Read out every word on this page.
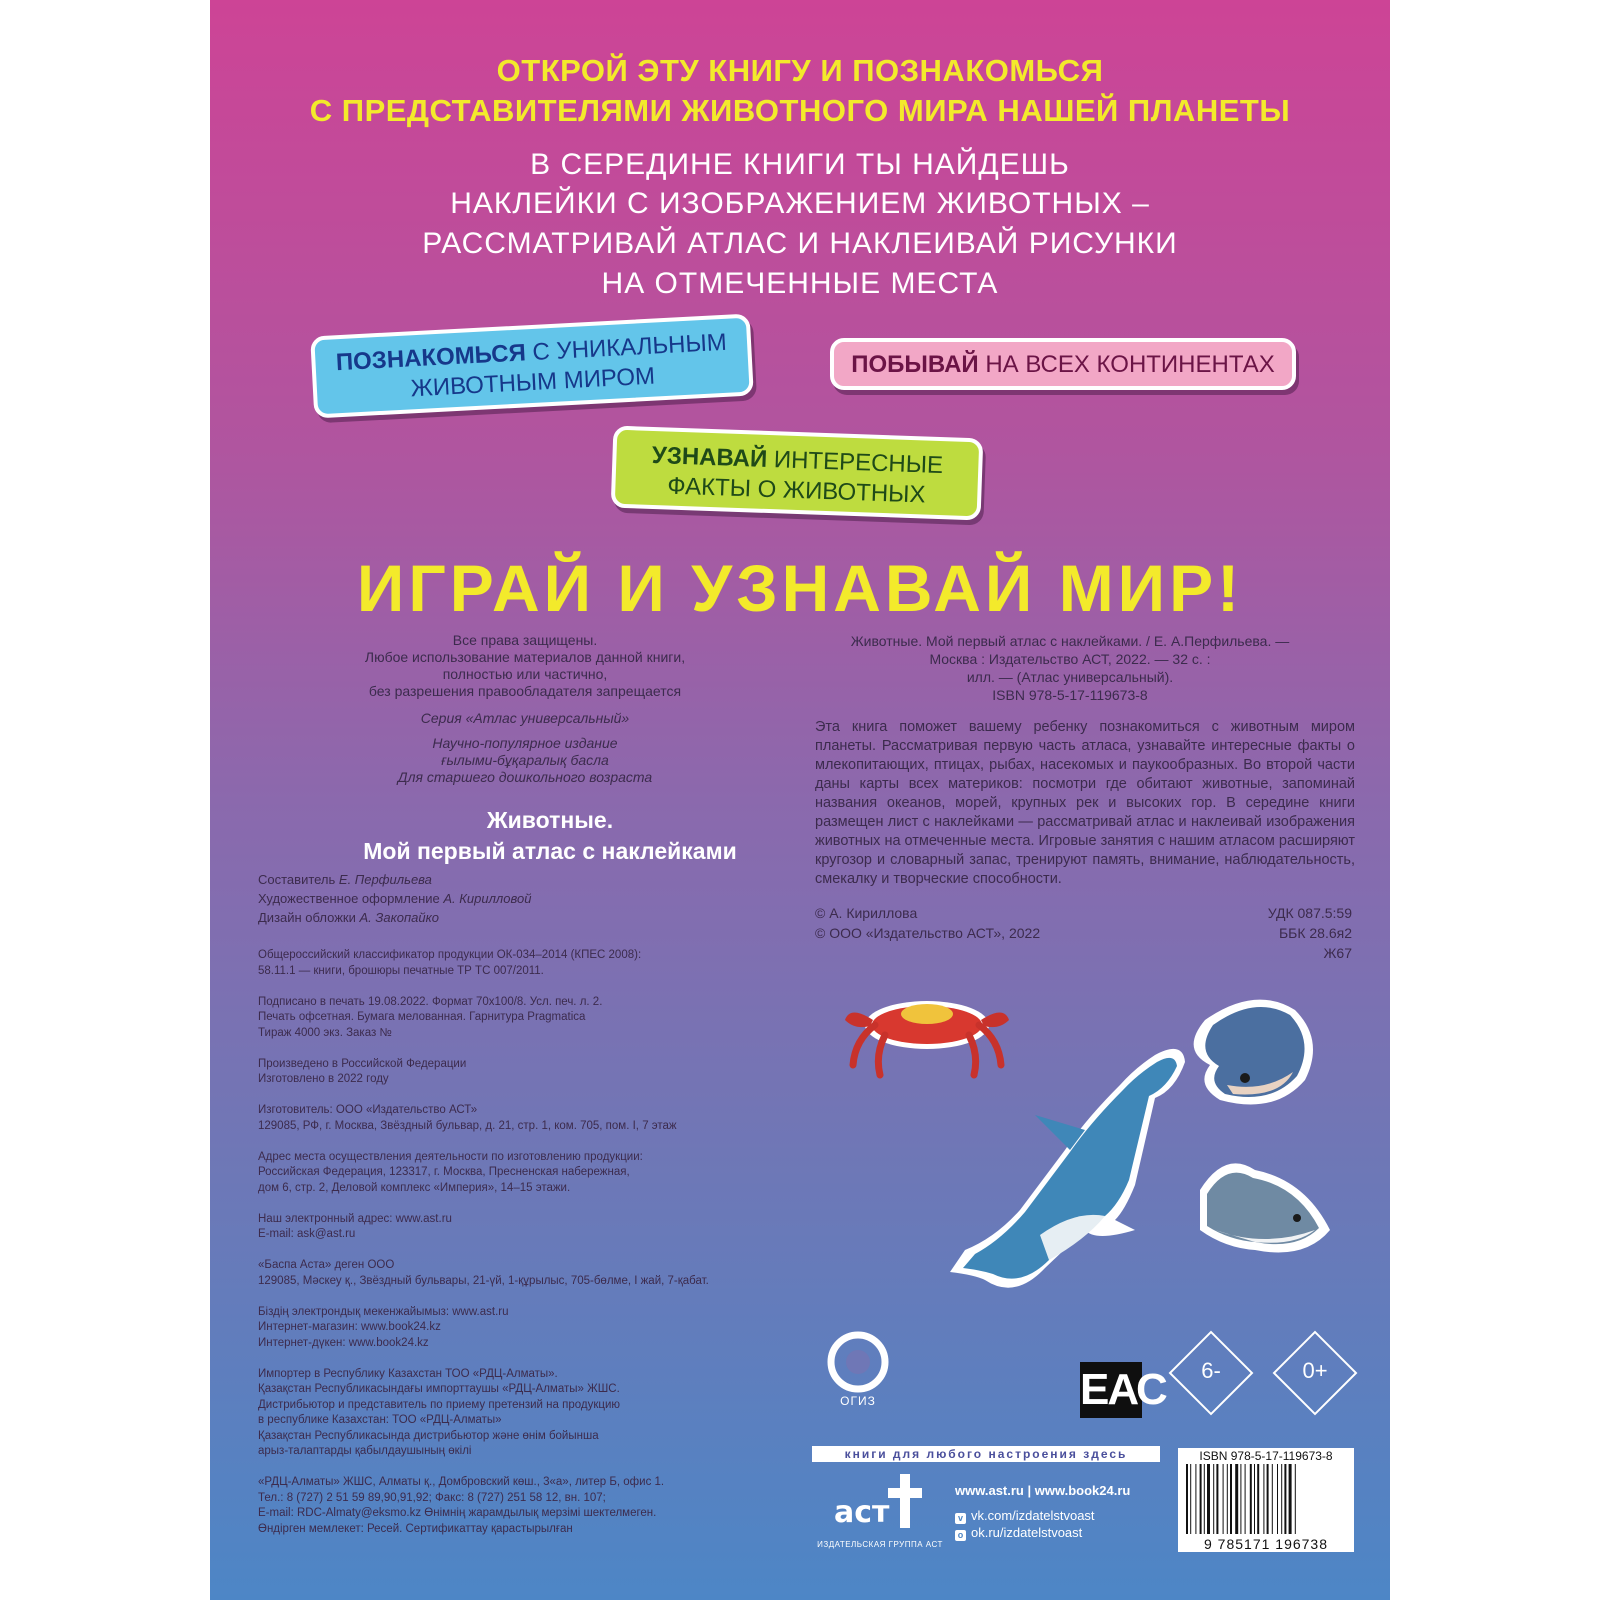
ОТКРОЙ ЭТУ КНИГУ И ПОЗНАКОМЬСЯ
С ПРЕДСТАВИТЕЛЯМИ ЖИВОТНОГО МИРА НАШЕЙ ПЛАНЕТЫ
В СЕРЕДИНЕ КНИГИ ТЫ НАЙДЕШЬ
НАКЛЕЙКИ С ИЗОБРАЖЕНИЕМ ЖИВОТНЫХ –
РАССМАТРИВАЙ АТЛАС И НАКЛЕИВАЙ РИСУНКИ
НА ОТМЕЧЕННЫЕ МЕСТА
ПОЗНАКОМЬСЯ С УНИКАЛЬНЫМ
ЖИВОТНЫМ МИРОМ	ПОБЫВАЙ НА ВСЕХ КОНТИНЕНТАХ
УЗНАВАЙ ИНТЕРЕСНЫЕ
ФАКТЫ О ЖИВОТНЫХ
ИГРАЙ И УЗНАВАЙ МИР!
Все права защищены.
Любое использование материалов данной книги,
полностью или частично,
без разрешения правообладателя запрещается
Серия «Атлас универсальный»
Научно-популярное издание
ғылыми-бұқаралық басла
Для старшего дошкольного возраста
Животные.
Мой первый атлас с наклейками
Составитель Е. Перфильева
Художественное оформление А. Кирилловой
Дизайн обложки А. Закопайко
Общероссийский классификатор продукции ОК-034–2014 (КПЕС 2008):
58.11.1 — книги, брошюры печатные ТР ТС 007/2011.
Подписано в печать 19.08.2022. Формат 70х100/8. Усл. печ. л. 2.
Печать офсетная. Бумага мелованная. Гарнитура Pragmatica
Тираж 4000 экз. Заказ №
Произведено в Российской Федерации
Изготовлено в 2022 году
Изготовитель: ООО «Издательство АСТ»
129085, РФ, г. Москва, Звёздный бульвар, д. 21, стр. 1, ком. 705, пом. I, 7 этаж
Адрес места осуществления деятельности по изготовлению продукции:
Российская Федерация, 123317, г. Москва, Пресненская набережная,
дом 6, стр. 2, Деловой комплекс «Империя», 14–15 этажи.
Наш электронный адрес: www.ast.ru
E-mail: ask@ast.ru
«Баспа Аста» деген ООО
129085, Мәскеу қ., Звёздный бульвары, 21-үй, 1-құрылыс, 705-бөлме, I жай, 7-қабат.
Біздің электрондық мекенжайымыз: www.ast.ru
Интернет-магазин: www.book24.kz
Интернет-дүкен: www.book24.kz
Импортер в Республику Казахстан ТОО «РДЦ-Алматы».
Қазақстан Республикасындағы импорттаушы «РДЦ-Алматы» ЖШС.
Дистрибьютор и представитель по приему претензий на продукцию
в республике Казахстан: ТОО «РДЦ-Алматы»
Қазақстан Республикасында дистрибьютор және өнім бойынша
арыз-талаптарды қабылдаушының өкілі
«РДЦ-Алматы» ЖШС, Алматы қ., Домбровский көш., 3«а», литер Б, офис 1.
Тел.: 8 (727) 2 51 59 89,90,91,92; Факс: 8 (727) 251 58 12, вн. 107;
E-mail: RDC-Almaty@eksmo.kz Өнімнің жарамдылық мерзімі шектелмеген.
Өндірген мемлекет: Ресей. Сертификаттау қарастырылған
Животные. Мой первый атлас с наклейками. / Е. А.Перфильева. —
Москва : Издательство АСТ, 2022. — 32 с. :
илл. — (Атлас универсальный).
ISBN 978-5-17-119673-8
Эта книга поможет вашему ребенку познакомиться с животным миром планеты. Рассматривая первую часть атласа, узнавайте интересные факты о млекопитающих, птицах, рыбах, насекомых и паукообразных. Во второй части даны карты всех материков: посмотри где обитают животные, запоминай названия океанов, морей, крупных рек и высоких гор. В середине книги размещен лист с наклейками — рассматривай атлас и наклеивай изображения животных на отмеченные места. Игровые занятия с нашим атласом расширяют кругозор и словарный запас, тренируют память, внимание, наблюдательность, смекалку и творческие способности.
© А. Кириллова
© ООО «Издательство АСТ», 2022
УДК 087.5:59
ББК 28.6я2
Ж67
ОГИЗ	ЕАС	6-	0+
книги для любого настроения здесь
аст
ИЗДАТЕЛЬСКАЯ ГРУППА АСТ
www.ast.ru | www.book24.ru
v vk.com/izdatelstvoast
o ok.ru/izdatelstvoast
ISBN 978-5-17-119673-8
9 785171 196738
